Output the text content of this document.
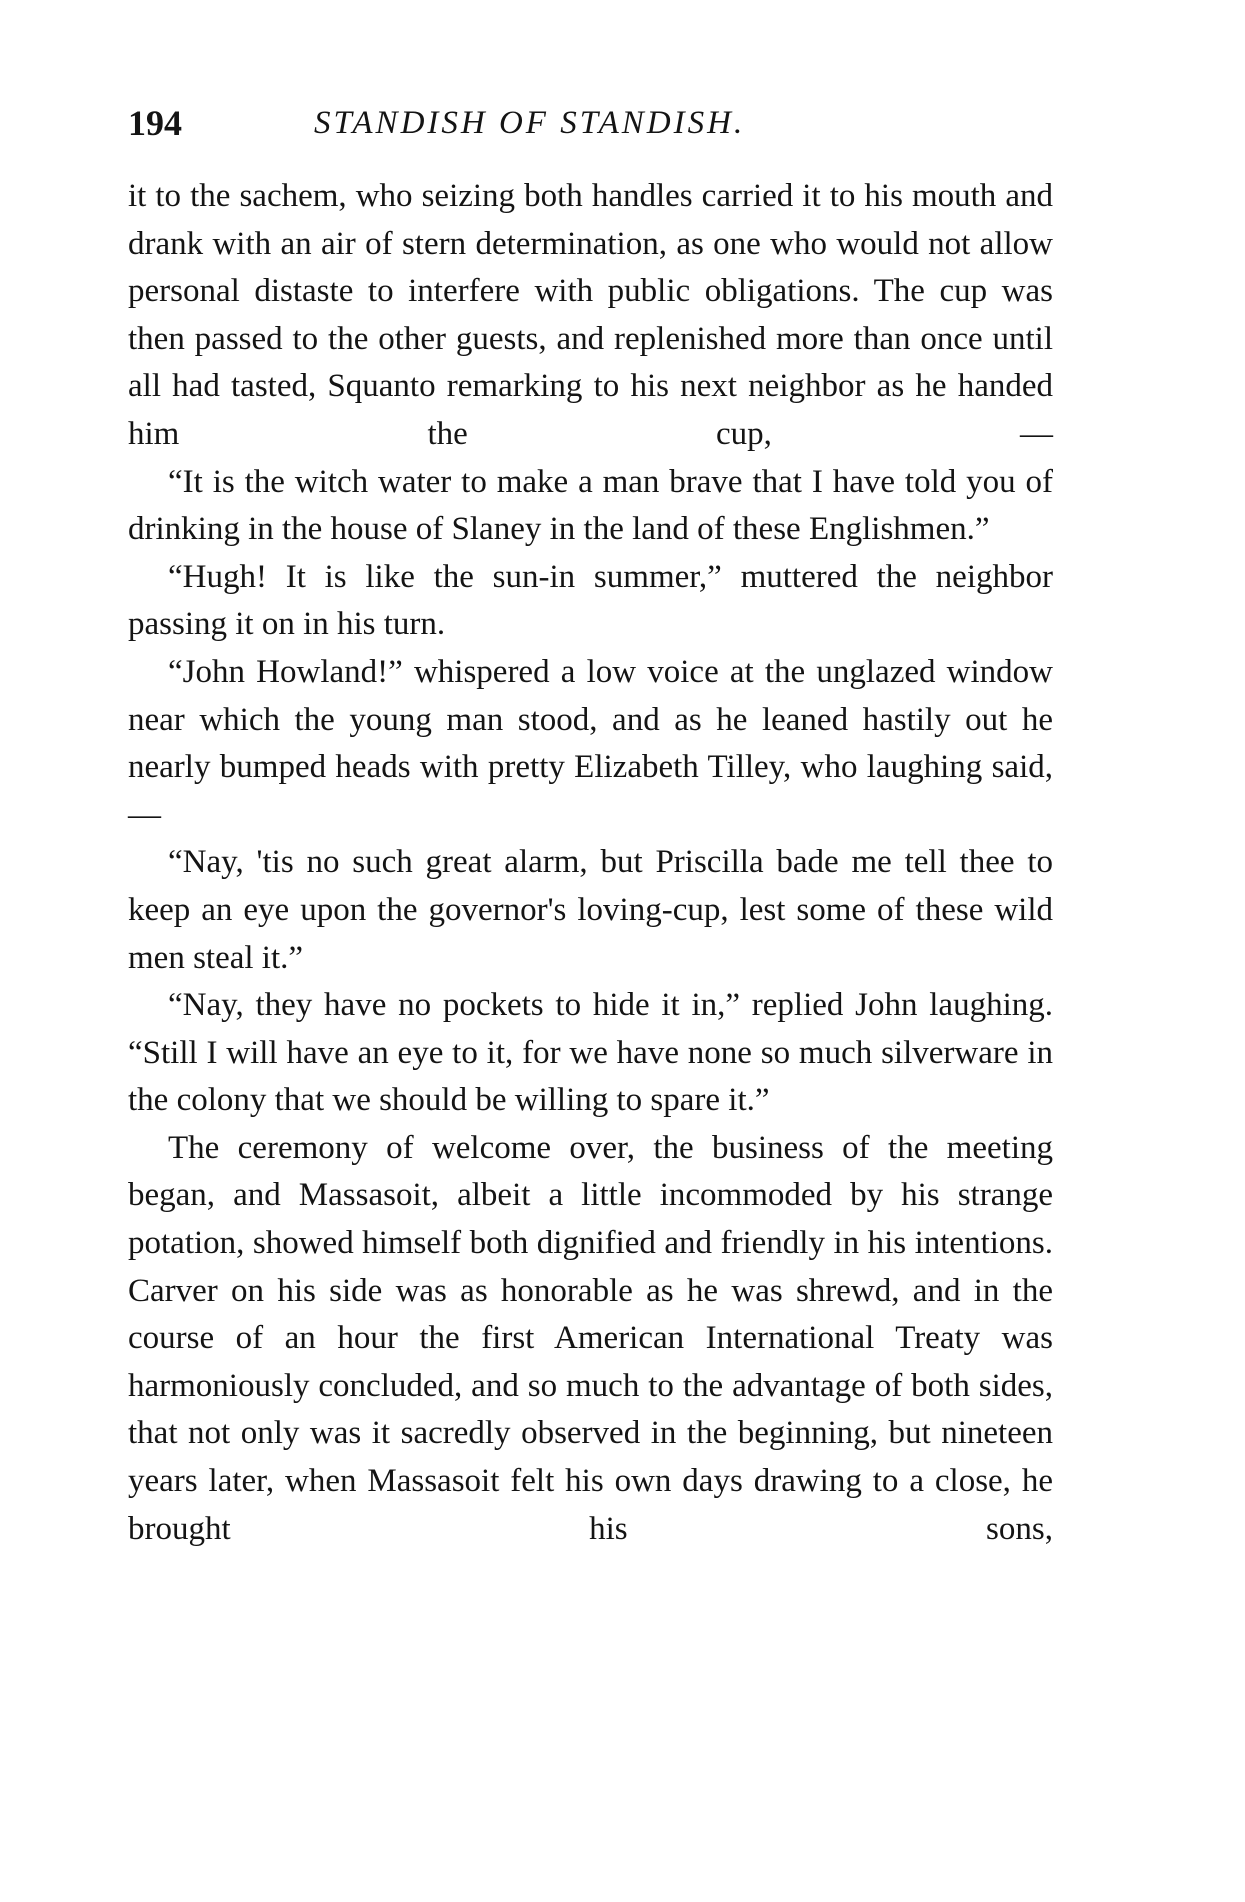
194	STANDISH OF STANDISH.

it to the sachem, who seizing both handles carried it to his mouth and drank with an air of stern determination, as one who would not allow personal distaste to interfere with public obligations. The cup was then passed to the other guests, and replenished more than once until all had tasted, Squanto remarking to his next neighbor as he handed him the cup, —

“It is the witch water to make a man brave that I have told you of drinking in the house of Slaney in the land of these Englishmen.”

“Hugh! It is like the sun-in summer,” muttered the neighbor passing it on in his turn.

“John Howland!” whispered a low voice at the unglazed window near which the young man stood, and as he leaned hastily out he nearly bumped heads with pretty Elizabeth Tilley, who laughing said, —

“Nay, 'tis no such great alarm, but Priscilla bade me tell thee to keep an eye upon the governor's loving-cup, lest some of these wild men steal it.”

“Nay, they have no pockets to hide it in,” replied John laughing. “Still I will have an eye to it, for we have none so much silverware in the colony that we should be willing to spare it.”

The ceremony of welcome over, the business of the meeting began, and Massasoit, albeit a little incommoded by his strange potation, showed himself both dignified and friendly in his intentions. Carver on his side was as honorable as he was shrewd, and in the course of an hour the first American International Treaty was harmoniously concluded, and so much to the advantage of both sides, that not only was it sacredly observed in the beginning, but nineteen years later, when Massasoit felt his own days drawing to a close, he brought his sons,
